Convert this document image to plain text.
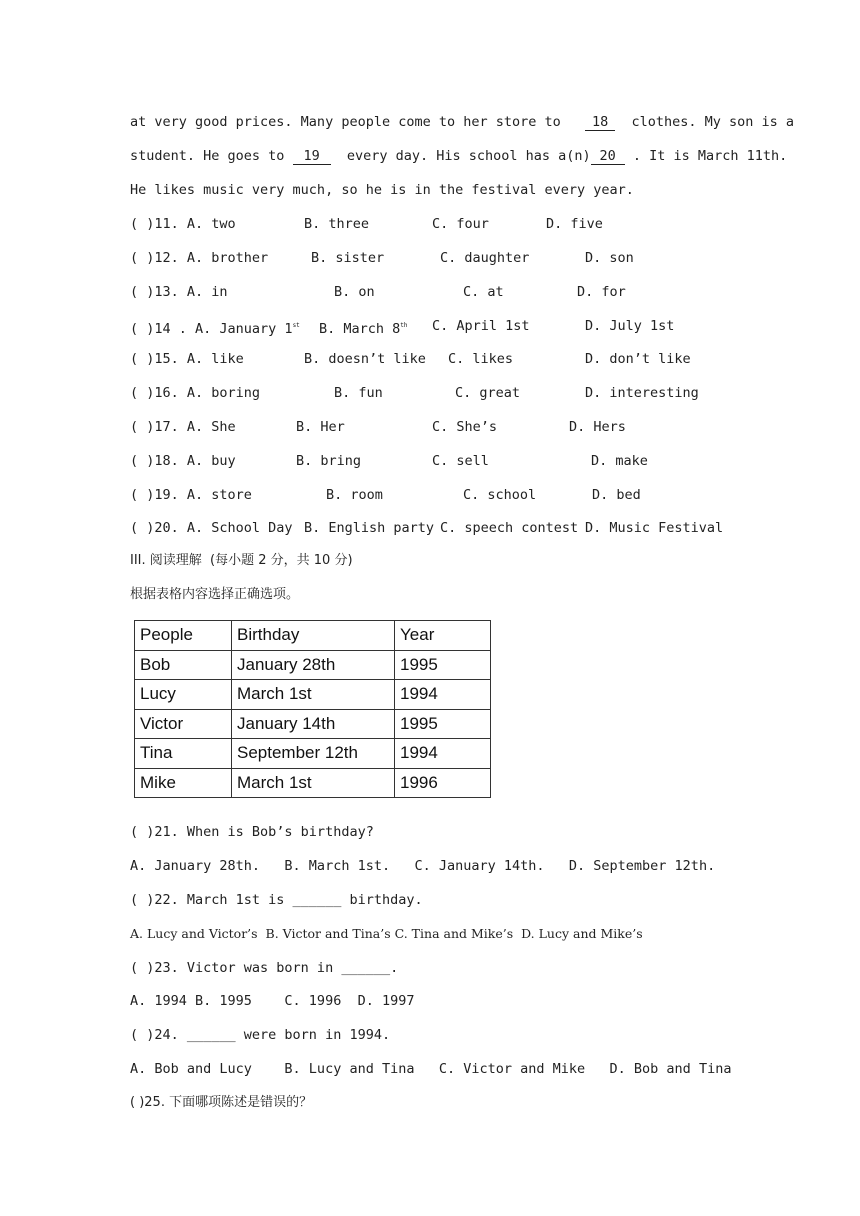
at very good prices. Many people come to her store to 18 clothes. My son is a
student. He goes to 19 every day. His school has a(n) 20 . It is March 11th.
He likes music very much, so he is in the festival every year.
( )11. A. two	B. three	C. four	D. five
( )12. A. brother	B. sister	C. daughter	D. son
( )13. A. in	B. on	C. at	D. for
( )14 . A. January 1st B. March 8th C. April 1st	D. July 1st
( )15. A. like	B. doesn’t like C. likes	D. don’t like
( )16. A. boring	B. fun	C. great	D. interesting
( )17. A. She	B. Her	C. She’s	D. Hers
( )18. A. buy	B. bring	C. sell	D. make
( )19. A. store	B. room	C. school	D. bed
( )20. A. School Day B. English party C. speech contest D. Music Festival
III. 阅读理解  (每小题 2 分，共 10 分)
根据表格内容选择正确选项。
People	Birthday	Year
Bob	January 28th	1995
Lucy	March 1st	1994
Victor	January 14th	1995
Tina	September 12th	1994
Mike	March 1st	1996
( )21. When is Bob’s birthday?
A. January 28th.   B. March 1st.   C. January 14th.   D. September 12th.
( )22. March 1st is ______ birthday.
A. Lucy and Victor’s  B. Victor and Tina’s C. Tina and Mike’s  D. Lucy and Mike’s
( )23. Victor was born in ______.
A. 1994 B. 1995    C. 1996  D. 1997
( )24. ______ were born in 1994.
A. Bob and Lucy    B. Lucy and Tina   C. Victor and Mike   D. Bob and Tina
( )25. 下面哪项陈述是错误的？
